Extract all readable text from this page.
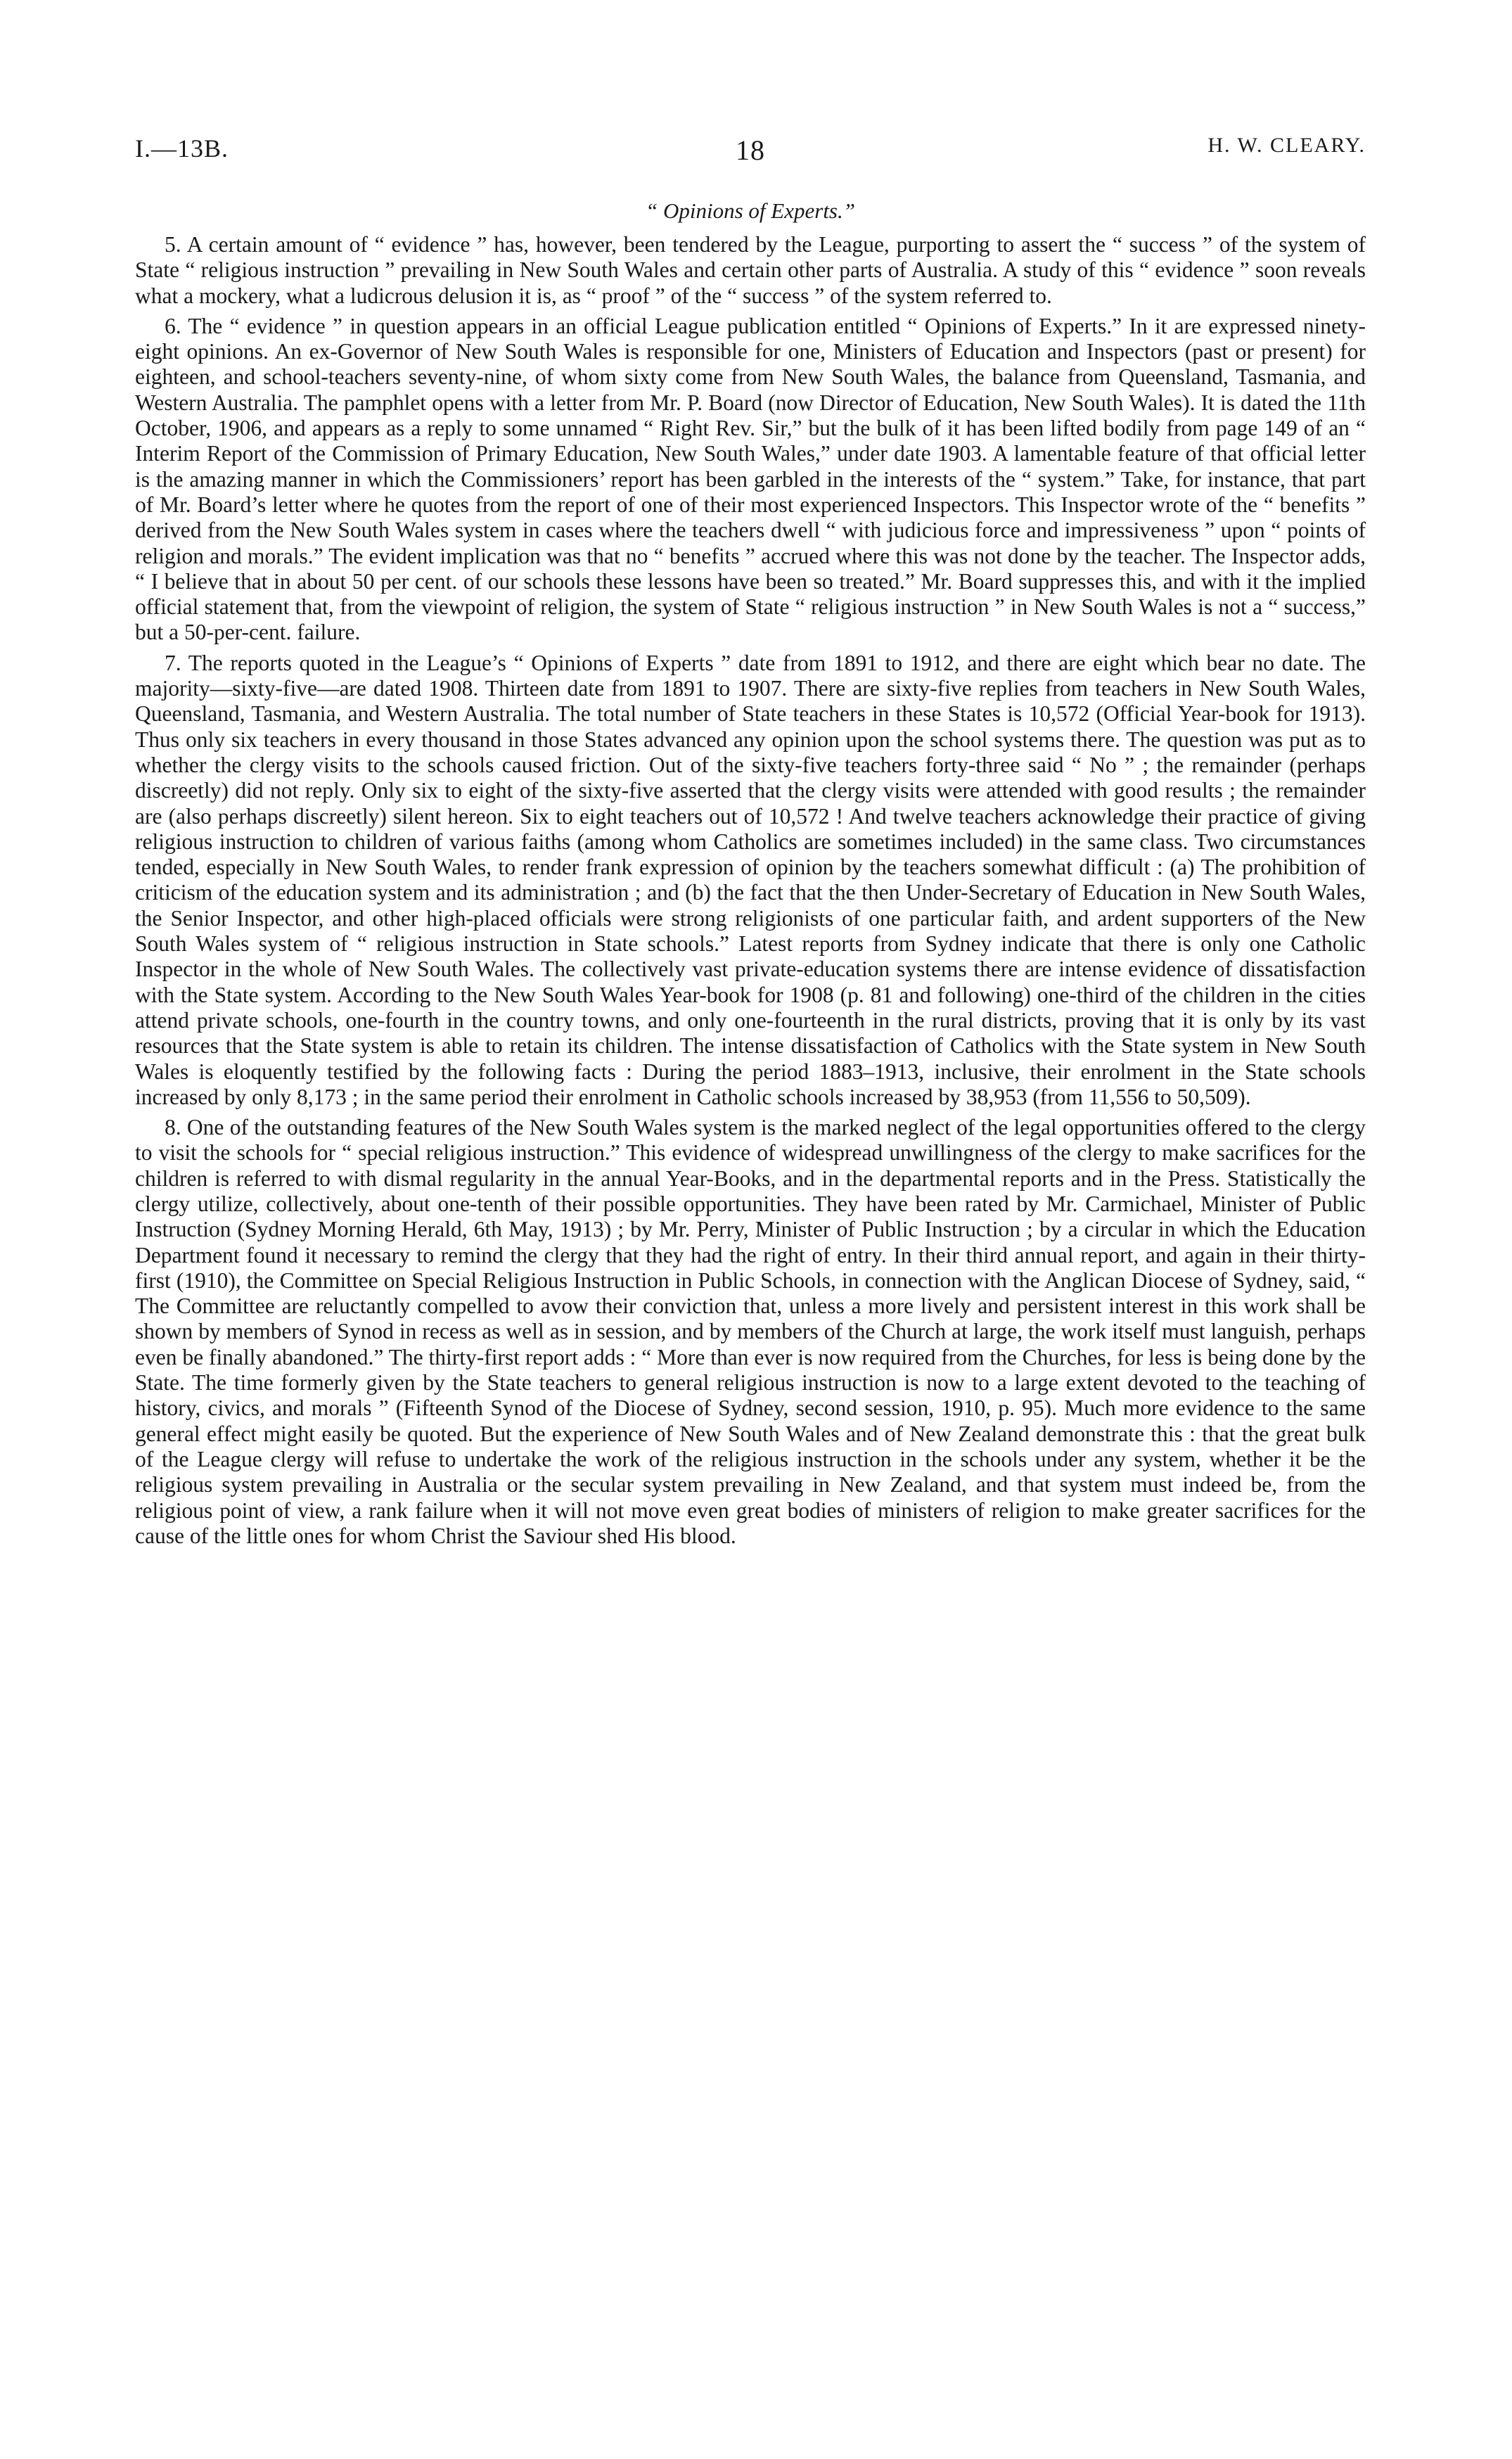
I.—13B.	18	H. W. CLEARY.
“ Opinions of Experts.”

5. A certain amount of “ evidence ” has, however, been tendered by the League, purporting to assert the “ success ” of the system of State “ religious instruction ” prevailing in New South Wales and certain other parts of Australia. A study of this “ evidence ” soon reveals what a mockery, what a ludicrous delusion it is, as “ proof ” of the “ success ” of the system referred to.

6. The “ evidence ” in question appears in an official League publication entitled “ Opinions of Experts.” In it are expressed ninety-eight opinions. An ex-Governor of New South Wales is responsible for one, Ministers of Education and Inspectors (past or present) for eighteen, and school-teachers seventy-nine, of whom sixty come from New South Wales, the balance from Queensland, Tasmania, and Western Australia. The pamphlet opens with a letter from Mr. P. Board (now Director of Education, New South Wales). It is dated the 11th October, 1906, and appears as a reply to some unnamed “ Right Rev. Sir,” but the bulk of it has been lifted bodily from page 149 of an “ Interim Report of the Commission of Primary Education, New South Wales,” under date 1903. A lamentable feature of that official letter is the amazing manner in which the Commissioners’ report has been garbled in the interests of the “ system.” Take, for instance, that part of Mr. Board’s letter where he quotes from the report of one of their most experienced Inspectors. This Inspector wrote of the “ benefits ” derived from the New South Wales system in cases where the teachers dwell “ with judicious force and impressiveness ” upon “ points of religion and morals.” The evident implication was that no “ benefits ” accrued where this was not done by the teacher. The Inspector adds, “ I believe that in about 50 per cent. of our schools these lessons have been so treated.” Mr. Board suppresses this, and with it the implied official statement that, from the viewpoint of religion, the system of State “ religious instruction ” in New South Wales is not a “ success,” but a 50-per-cent. failure.

7. The reports quoted in the League’s “ Opinions of Experts ” date from 1891 to 1912, and there are eight which bear no date. The majority—sixty-five—are dated 1908. Thirteen date from 1891 to 1907. There are sixty-five replies from teachers in New South Wales, Queensland, Tasmania, and Western Australia. The total number of State teachers in these States is 10,572 (Official Year-book for 1913). Thus only six teachers in every thousand in those States advanced any opinion upon the school systems there. The question was put as to whether the clergy visits to the schools caused friction. Out of the sixty-five teachers forty-three said “ No ” ; the remainder (perhaps discreetly) did not reply. Only six to eight of the sixty-five asserted that the clergy visits were attended with good results ; the remainder are (also perhaps discreetly) silent hereon. Six to eight teachers out of 10,572 ! And twelve teachers acknowledge their practice of giving religious instruction to children of various faiths (among whom Catholics are sometimes included) in the same class. Two circumstances tended, especially in New South Wales, to render frank expression of opinion by the teachers somewhat difficult : (a) The prohibition of criticism of the education system and its administration ; and (b) the fact that the then Under-Secretary of Education in New South Wales, the Senior Inspector, and other high-placed officials were strong religionists of one particular faith, and ardent supporters of the New South Wales system of “ religious instruction in State schools.” Latest reports from Sydney indicate that there is only one Catholic Inspector in the whole of New South Wales. The collectively vast private-education systems there are intense evidence of dissatisfaction with the State system. According to the New South Wales Year-book for 1908 (p. 81 and following) one-third of the children in the cities attend private schools, one-fourth in the country towns, and only one-fourteenth in the rural districts, proving that it is only by its vast resources that the State system is able to retain its children. The intense dissatisfaction of Catholics with the State system in New South Wales is eloquently testified by the following facts : During the period 1883–1913, inclusive, their enrolment in the State schools increased by only 8,173 ; in the same period their enrolment in Catholic schools increased by 38,953 (from 11,556 to 50,509).

8. One of the outstanding features of the New South Wales system is the marked neglect of the legal opportunities offered to the clergy to visit the schools for “ special religious instruction.” This evidence of widespread unwillingness of the clergy to make sacrifices for the children is referred to with dismal regularity in the annual Year-Books, and in the departmental reports and in the Press. Statistically the clergy utilize, collectively, about one-tenth of their possible opportunities. They have been rated by Mr. Carmichael, Minister of Public Instruction (Sydney Morning Herald, 6th May, 1913) ; by Mr. Perry, Minister of Public Instruction ; by a circular in which the Education Department found it necessary to remind the clergy that they had the right of entry. In their third annual report, and again in their thirty-first (1910), the Committee on Special Religious Instruction in Public Schools, in connection with the Anglican Diocese of Sydney, said, “ The Committee are reluctantly compelled to avow their conviction that, unless a more lively and persistent interest in this work shall be shown by members of Synod in recess as well as in session, and by members of the Church at large, the work itself must languish, perhaps even be finally abandoned.” The thirty-first report adds : “ More than ever is now required from the Churches, for less is being done by the State. The time formerly given by the State teachers to general religious instruction is now to a large extent devoted to the teaching of history, civics, and morals ” (Fifteenth Synod of the Diocese of Sydney, second session, 1910, p. 95). Much more evidence to the same general effect might easily be quoted. But the experience of New South Wales and of New Zealand demonstrate this : that the great bulk of the League clergy will refuse to undertake the work of the religious instruction in the schools under any system, whether it be the religious system prevailing in Australia or the secular system prevailing in New Zealand, and that system must indeed be, from the religious point of view, a rank failure when it will not move even great bodies of ministers of religion to make greater sacrifices for the cause of the little ones for whom Christ the Saviour shed His blood.
